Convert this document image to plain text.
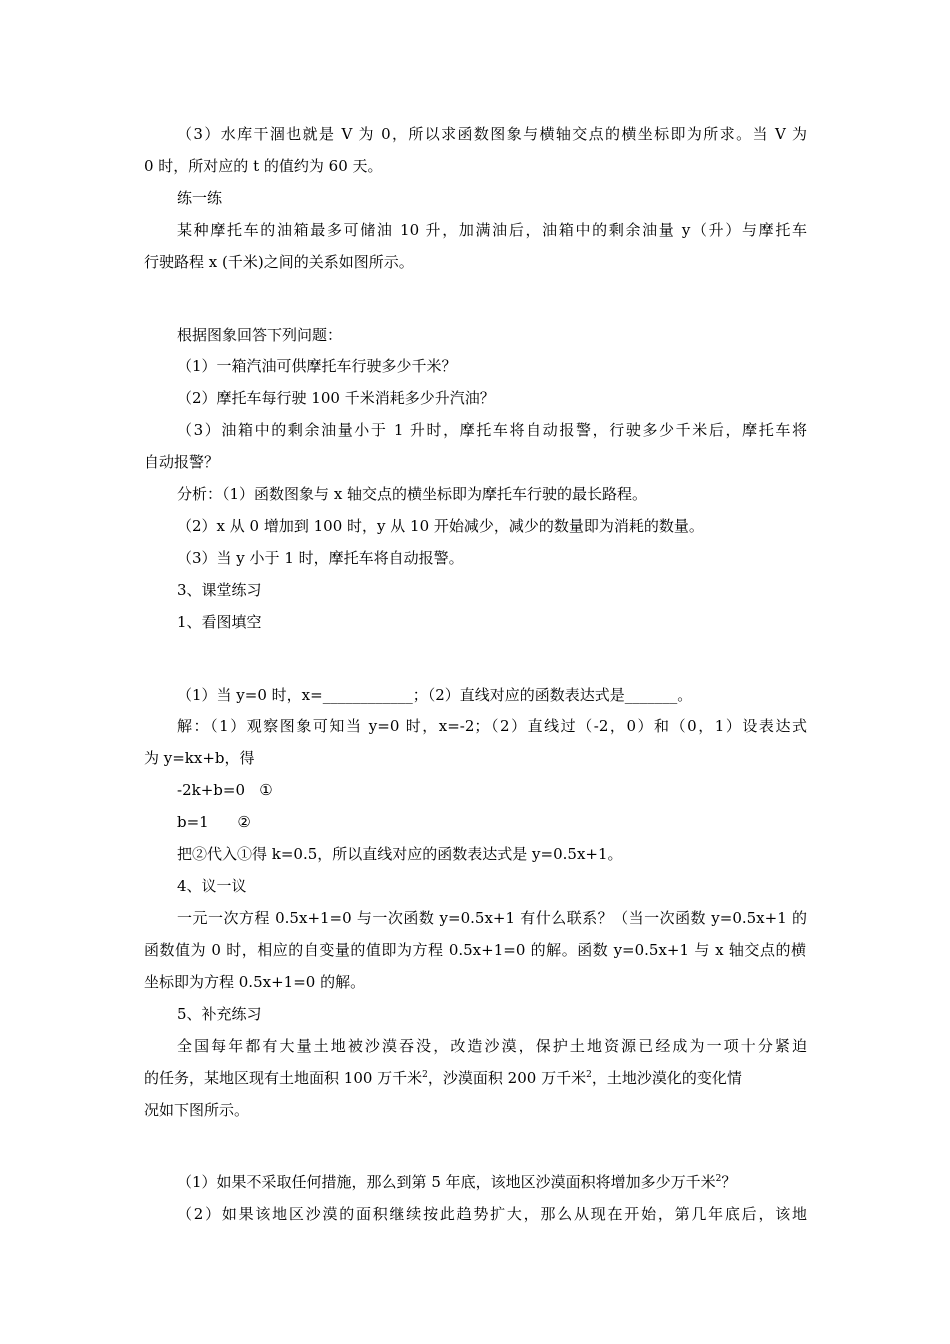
（3）水库干涸也就是 V 为 0，所以求函数图象与横轴交点的横坐标即为所求。当 V 为
0 时，所对应的 t 的值约为 60 天。
练一练
某种摩托车的油箱最多可储油 10 升，加满油后，油箱中的剩余油量 y（升）与摩托车
行驶路程 x (千米)之间的关系如图所示。
根据图象回答下列问题：
（1）一箱汽油可供摩托车行驶多少千米？
（2）摩托车每行驶 100 千米消耗多少升汽油？
（3）油箱中的剩余油量小于 1 升时，摩托车将自动报警，行驶多少千米后，摩托车将
自动报警？
分析：（1）函数图象与 x 轴交点的横坐标即为摩托车行驶的最长路程。
（2）x 从 0 增加到 100 时，y 从 10 开始减少，减少的数量即为消耗的数量。
（3）当 y 小于 1 时，摩托车将自动报警。
3、课堂练习
1、看图填空
（1）当 y=0 时，x=____________；（2）直线对应的函数表达式是_______。
解：（1）观察图象可知当 y=0 时，x=-2；（2）直线过（-2，0）和（0，1）设表达式
为 y=kx+b，得
-2k+b=0   ①
b=1      ②
把②代入①得 k=0.5，所以直线对应的函数表达式是 y=0.5x+1。
4、议一议
一元一次方程 0.5x+1=0 与一次函数 y=0.5x+1 有什么联系？（当一次函数 y=0.5x+1 的
函数值为 0 时，相应的自变量的值即为方程 0.5x+1=0 的解。函数 y=0.5x+1 与 x 轴交点的横
坐标即为方程 0.5x+1=0 的解。
5、补充练习
全国每年都有大量土地被沙漠吞没，改造沙漠，保护土地资源已经成为一项十分紧迫
的任务，某地区现有土地面积 100 万千米$^2$，沙漠面积 200 万千米$^2$，土地沙漠化的变化情
况如下图所示。
（1）如果不采取任何措施，那么到第 5 年底，该地区沙漠面积将增加多少万千米$^2$？
（2）如果该地区沙漠的面积继续按此趋势扩大，那么从现在开始，第几年底后，该地
